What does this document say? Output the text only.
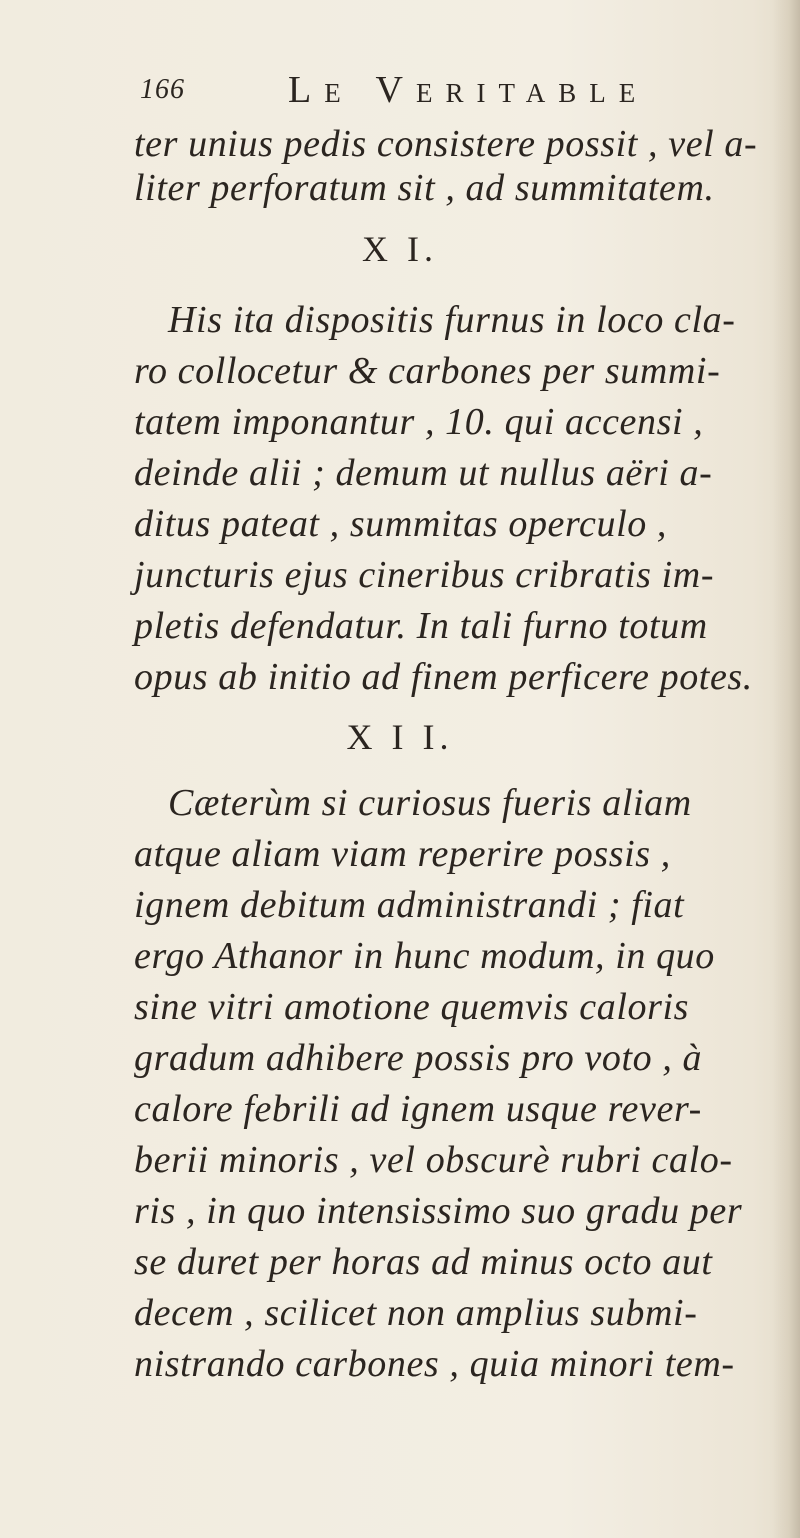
166	Le Veritable
ter unius pedis consistere possit , vel a-
liter perforatum sit , ad summitatem.
X I.
His ita dispositis furnus in loco cla-
ro collocetur & carbones per summi-
tatem imponantur , 10. qui accensi ,
deinde alii ; demum ut nullus aëri a-
ditus pateat , summitas operculo ,
juncturis ejus cineribus cribratis im-
pletis defendatur. In tali furno totum
opus ab initio ad finem perficere potes.
X I I.
Cæterùm si curiosus fueris aliam
atque aliam viam reperire possis ,
ignem debitum administrandi ; fiat
ergo Athanor in hunc modum, in quo
sine vitri amotione quemvis caloris
gradum adhibere possis pro voto , à
calore febrili ad ignem usque rever-
berii minoris , vel obscurè rubri calo-
ris , in quo intensissimo suo gradu per
se duret per horas ad minus octo aut
decem , scilicet non amplius submi-
nistrando carbones , quia minori tem-
